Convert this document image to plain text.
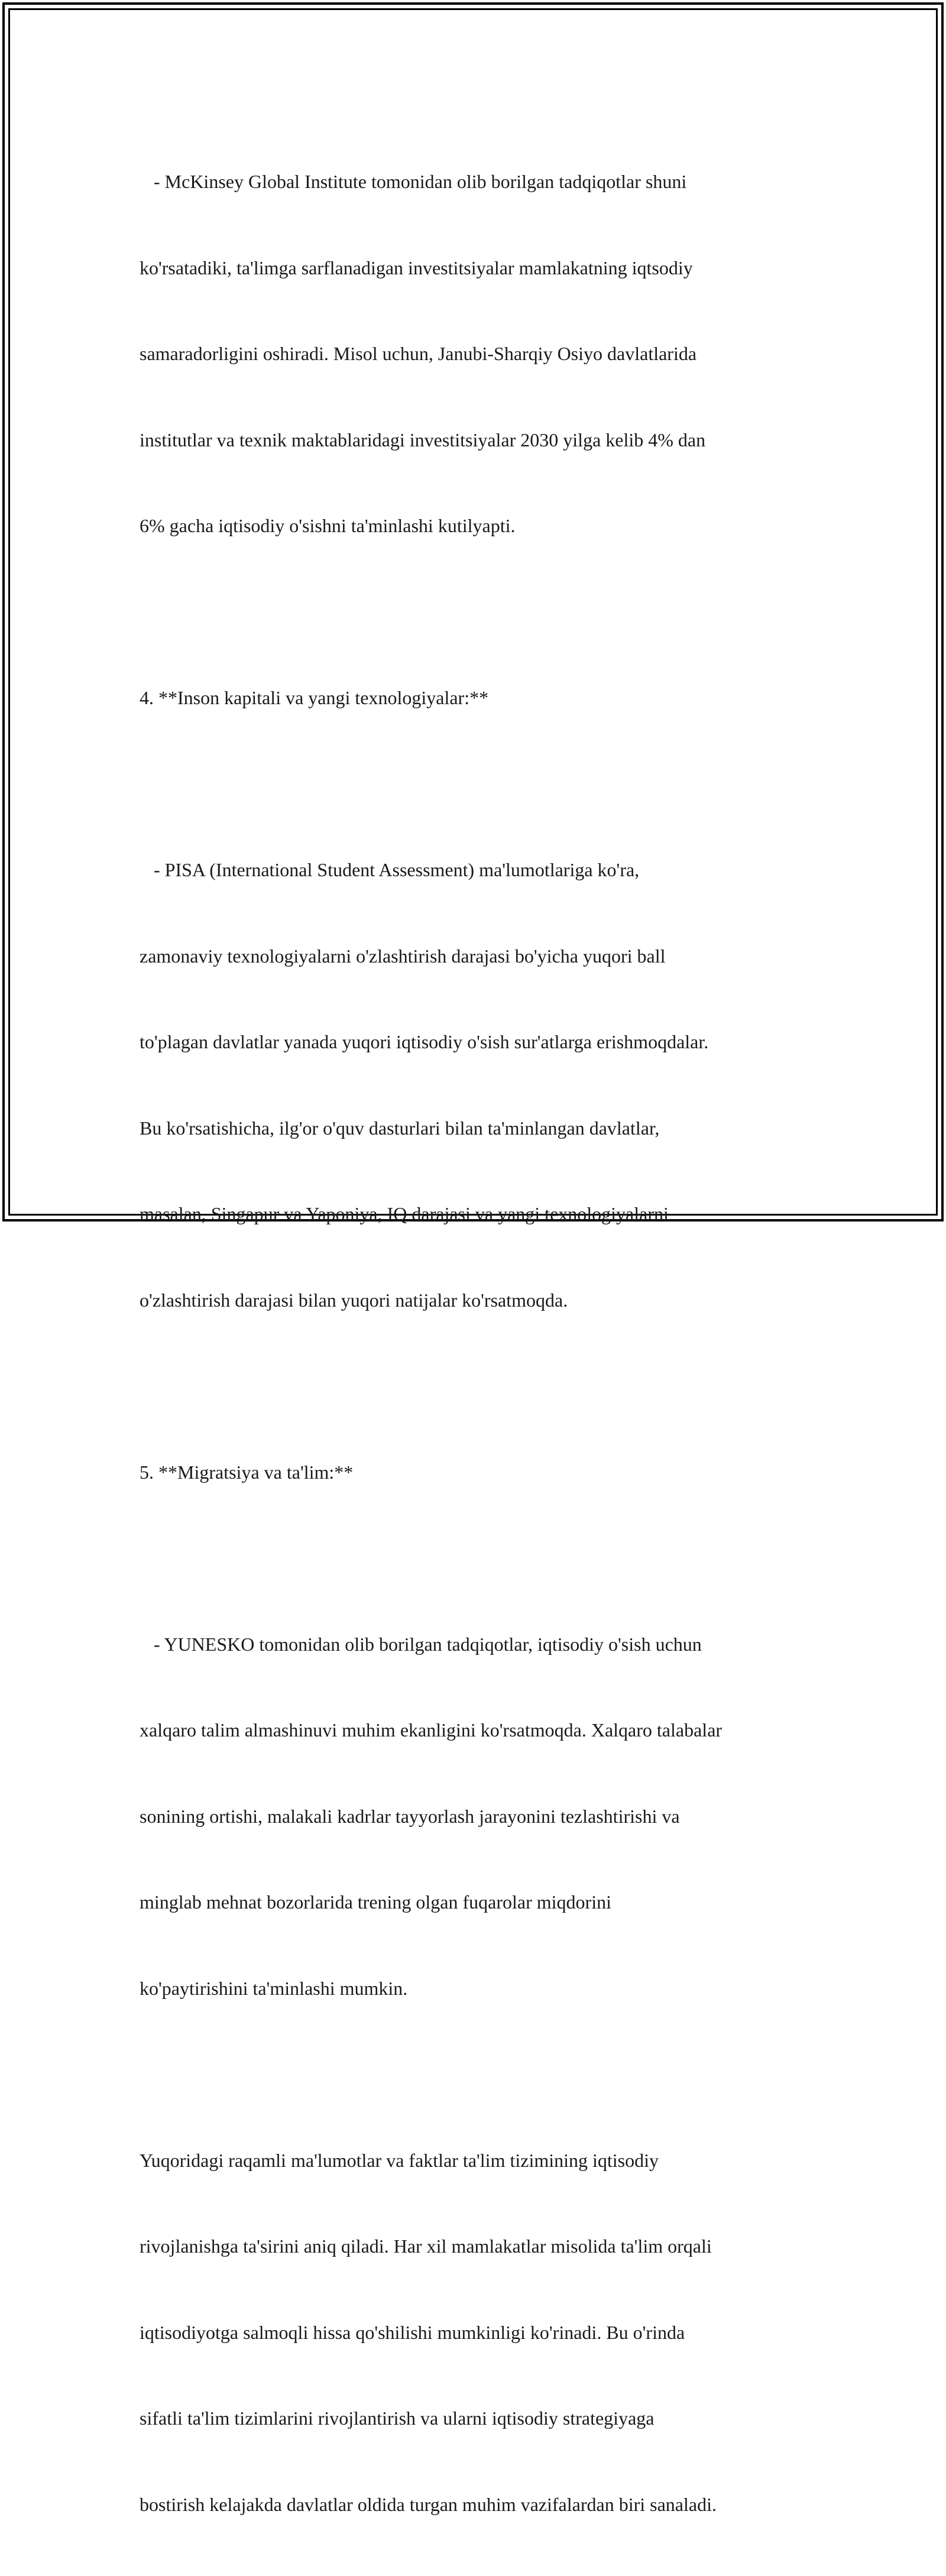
- McKinsey Global Institute tomonidan olib borilgan tadqiqotlar shuni

ko'rsatadiki, ta'limga sarflanadigan investitsiyalar mamlakatning iqtsodiy

samaradorligini oshiradi. Misol uchun, Janubi-Sharqiy Osiyo davlatlarida

institutlar va texnik maktablaridagi investitsiyalar 2030 yilga kelib 4% dan

6% gacha iqtisodiy o'sishni ta'minlashi kutilyapti.

4. **Inson kapitali va yangi texnologiyalar:**

- PISA (International Student Assessment) ma'lumotlariga ko'ra,

zamonaviy texnologiyalarni o'zlashtirish darajasi bo'yicha yuqori ball

to'plagan davlatlar yanada yuqori iqtisodiy o'sish sur'atlarga erishmoqdalar.

Bu ko'rsatishicha, ilg'or o'quv dasturlari bilan ta'minlangan davlatlar,

masalan, Singapur va Yaponiya, IQ darajasi va yangi texnologiyalarni

o'zlashtirish darajasi bilan yuqori natijalar ko'rsatmoqda.

5. **Migratsiya va ta'lim:**

- YUNESKO tomonidan olib borilgan tadqiqotlar, iqtisodiy o'sish uchun

xalqaro talim almashinuvi muhim ekanligini ko'rsatmoqda. Xalqaro talabalar

sonining ortishi, malakali kadrlar tayyorlash jarayonini tezlashtirishi va

minglab mehnat bozorlarida trening olgan fuqarolar miqdorini

ko'paytirishini ta'minlashi mumkin.

Yuqoridagi raqamli ma'lumotlar va faktlar ta'lim tizimining iqtisodiy

rivojlanishga ta'sirini aniq qiladi. Har xil mamlakatlar misolida ta'lim orqali

iqtisodiyotga salmoqli hissa qo'shilishi mumkinligi ko'rinadi. Bu o'rinda

sifatli ta'lim tizimlarini rivojlantirish va ularni iqtisodiy strategiyaga

bostirish kelajakda davlatlar oldida turgan muhim vazifalardan biri sanaladi.
